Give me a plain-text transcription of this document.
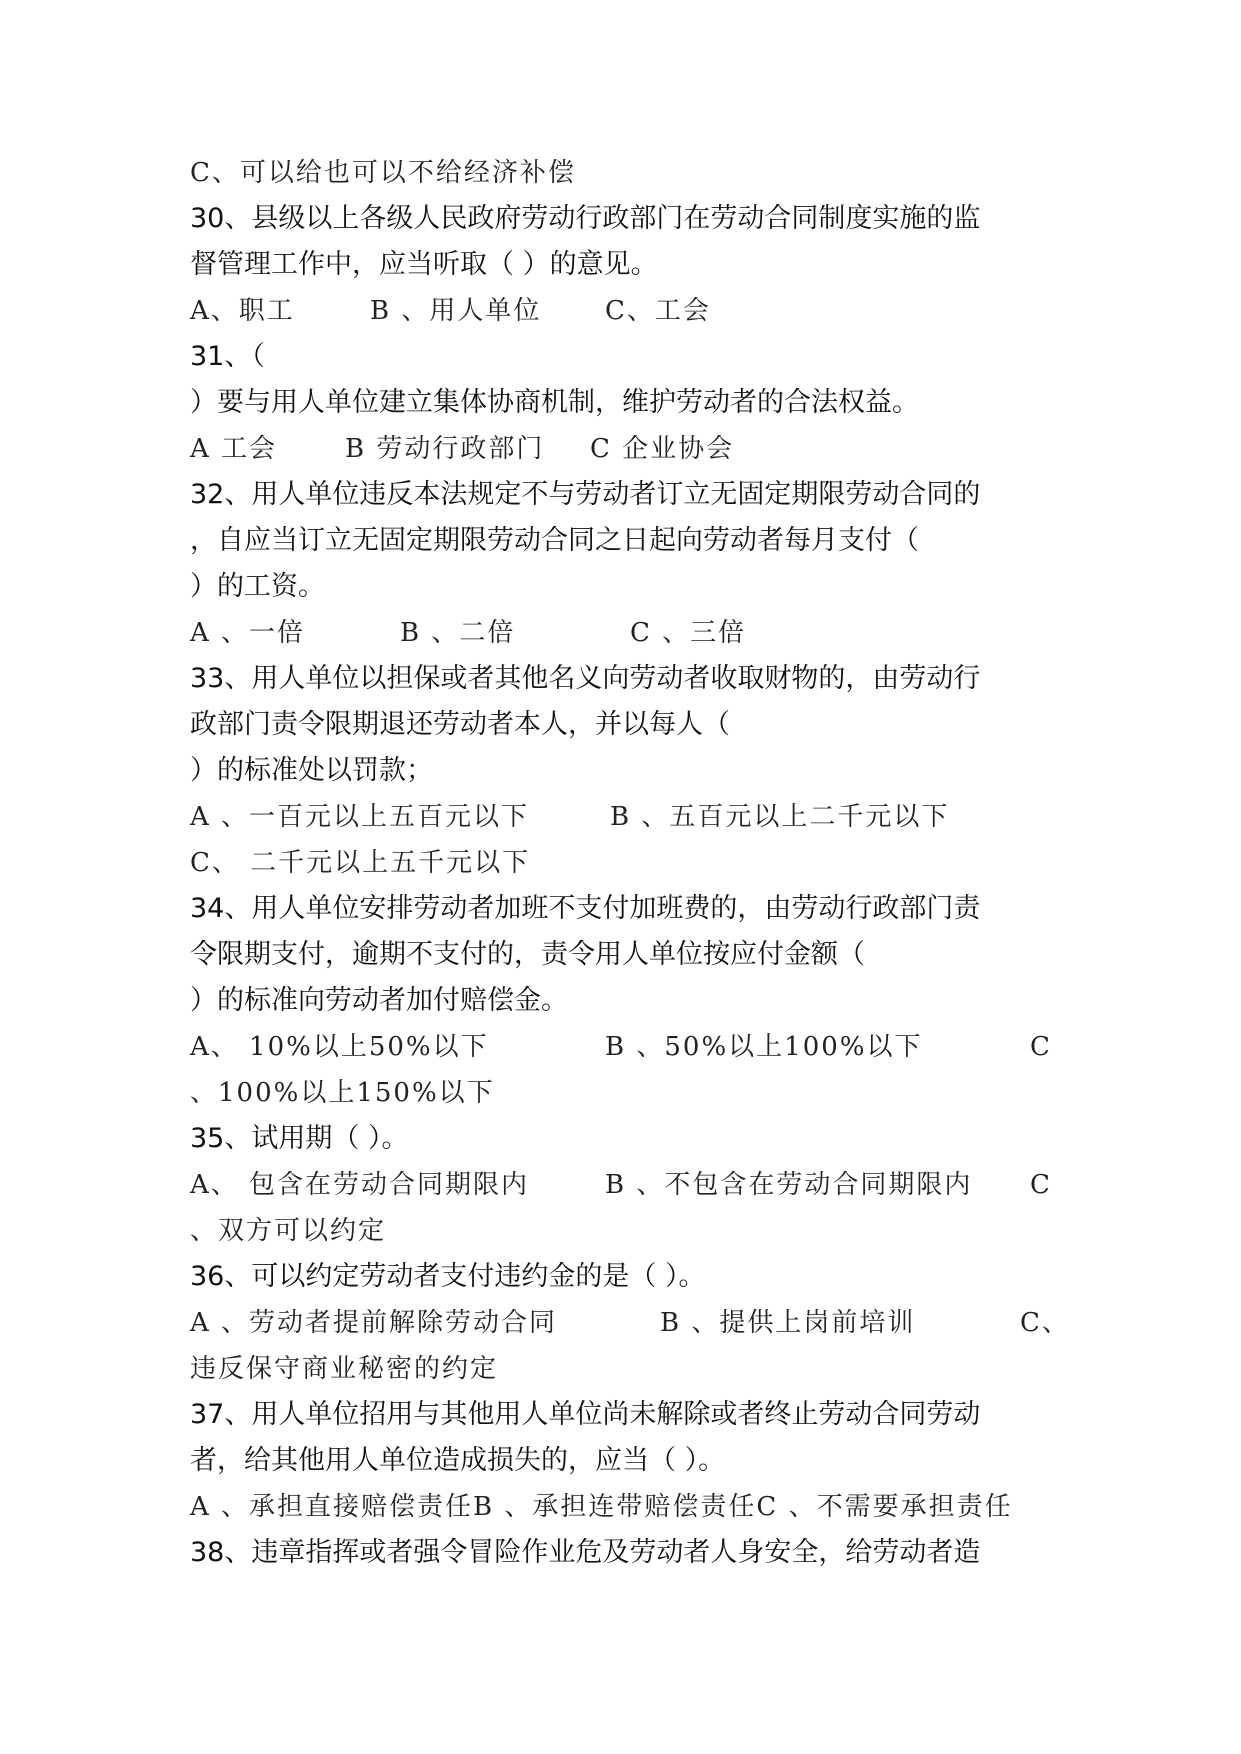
C、可以给也可以不给经济补偿
30、县级以上各级人民政府劳动行政部门在劳动合同制度实施的监
督管理工作中，应当听取（ ）的意见。
A、职工	B 、用人单位 C、工会
31、（
）要与用人单位建立集体协商机制，维护劳动者的合法权益。
A 工会	B 劳动行政部门 C 企业协会
32、用人单位违反本法规定不与劳动者订立无固定期限劳动合同的
，自应当订立无固定期限劳动合同之日起向劳动者每月支付（
）的工资。
A 、一倍	B 、二倍	C 、三倍
33、用人单位以担保或者其他名义向劳动者收取财物的，由劳动行
政部门责令限期退还劳动者本人，并以每人（
）的标准处以罚款；
A 、一百元以上五百元以下	B 、五百元以上二千元以下
C、 二千元以上五千元以下
34、用人单位安排劳动者加班不支付加班费的，由劳动行政部门责
令限期支付，逾期不支付的，责令用人单位按应付金额（
）的标准向劳动者加付赔偿金。
A、 10%以上50%以下	B 、50%以上100%以下	C
、100%以上150%以下
35、试用期（ ）。
A、 包含在劳动合同期限内	B 、不包含在劳动合同期限内 C
、双方可以约定
36、可以约定劳动者支付违约金的是（ ）。
A 、劳动者提前解除劳动合同	B 、提供上岗前培训	C、
违反保守商业秘密的约定
37、用人单位招用与其他用人单位尚未解除或者终止劳动合同劳动
者，给其他用人单位造成损失的，应当（ ）。
A 、承担直接赔偿责任B 、承担连带赔偿责任C 、不需要承担责任
38、违章指挥或者强令冒险作业危及劳动者人身安全，给劳动者造
